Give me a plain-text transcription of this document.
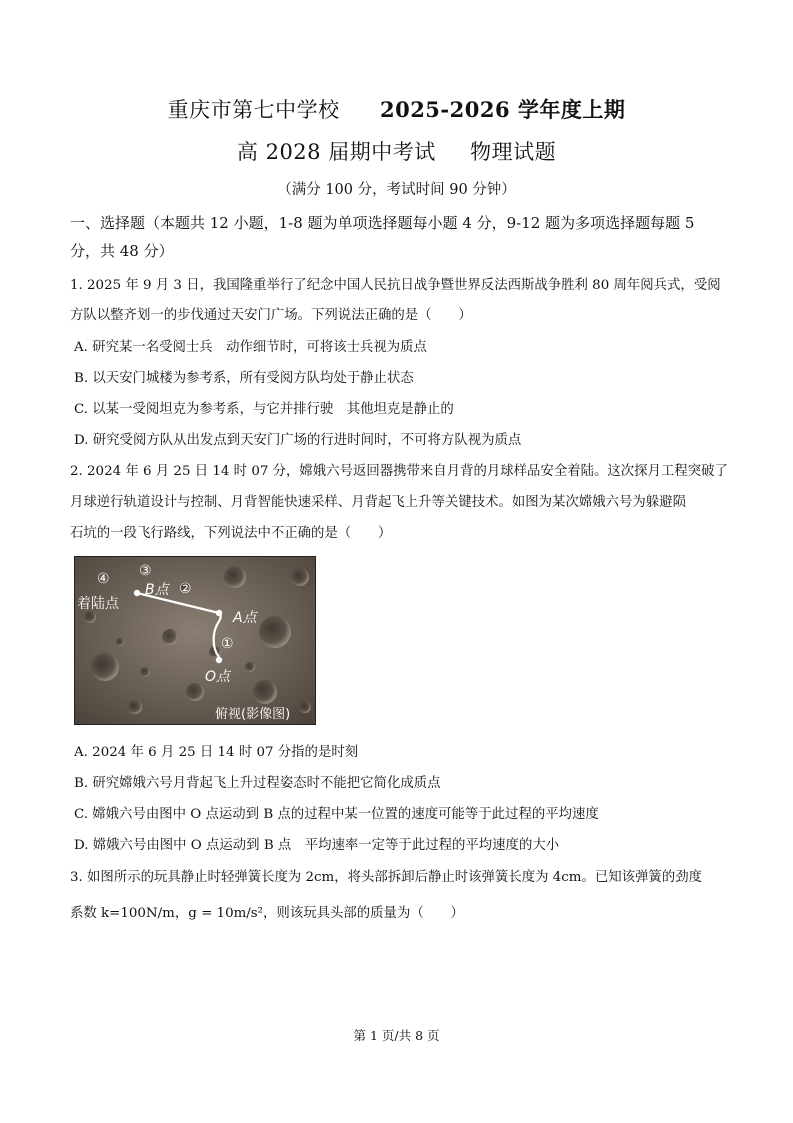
重庆市第七中学校 2025-2026 学年度上期
高 2028 届期中考试 物理试题
（满分 100 分，考试时间 90 分钟）
一、选择题（本题共 12 小题，1-8 题为单项选择题每小题 4 分，9-12 题为多项选择题每题 5
分，共 48 分）
1. 2025 年 9 月 3 日，我国隆重举行了纪念中国人民抗日战争暨世界反法西斯战争胜利 80 周年阅兵式，受阅
方队以整齐划一的步伐通过天安门广场。下列说法正确的是（　　）
A. 研究某一名受阅士兵　动作细节时，可将该士兵视为质点
B. 以天安门城楼为参考系，所有受阅方队均处于静止状态
C. 以某一受阅坦克为参考系，与它并排行驶　其他坦克是静止的
D. 研究受阅方队从出发点到天安门广场的行进时间时，不可将方队视为质点
2. 2024 年 6 月 25 日 14 时 07 分，嫦娥六号返回器携带来自月背的月球样品安全着陆。这次探月工程突破了
月球逆行轨道设计与控制、月背智能快速采样、月背起飞上升等关键技术。如图为某次嫦娥六号为躲避陨
石坑的一段飞行路线，下列说法中不正确的是（　　）
④ ③
②
①
着陆点
B点
A点
O点
俯视(影像图)
A. 2024 年 6 月 25 日 14 时 07 分指的是时刻
B. 研究嫦娥六号月背起飞上升过程姿态时不能把它简化成质点
C. 嫦娥六号由图中 O 点运动到 B 点的过程中某一位置的速度可能等于此过程的平均速度
D. 嫦娥六号由图中 O 点运动到 B 点　平均速率一定等于此过程的平均速度的大小
3. 如图所示的玩具静止时轻弹簧长度为 2cm，将头部拆卸后静止时该弹簧长度为 4cm。已知该弹簧的劲度
系数 k=100N/m，g = 10m/s²，则该玩具头部的质量为（　　）
第 1 页/共 8 页
